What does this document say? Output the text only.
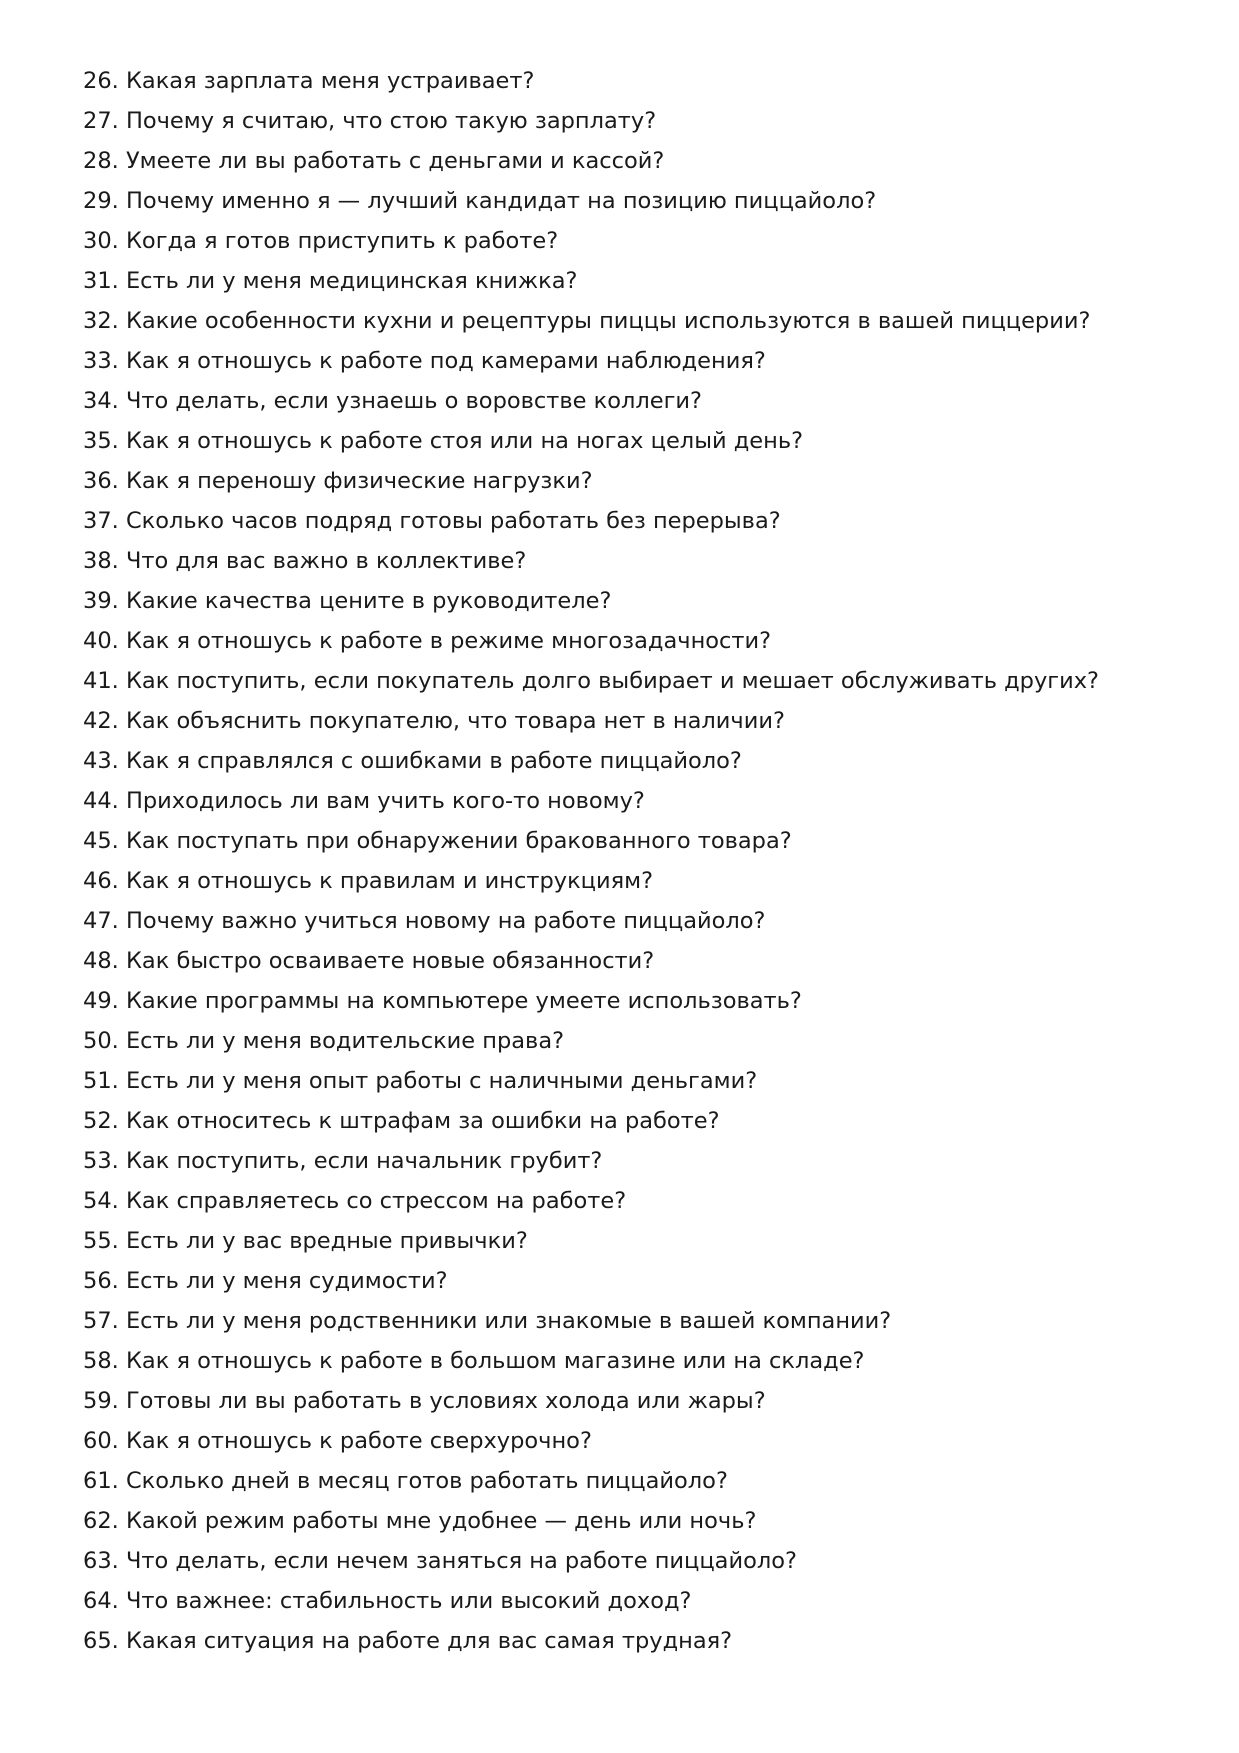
26. Какая зарплата меня устраивает?
27. Почему я считаю, что стою такую зарплату?
28. Умеете ли вы работать с деньгами и кассой?
29. Почему именно я — лучший кандидат на позицию пиццайоло?
30. Когда я готов приступить к работе?
31. Есть ли у меня медицинская книжка?
32. Какие особенности кухни и рецептуры пиццы используются в вашей пиццерии?
33. Как я отношусь к работе под камерами наблюдения?
34. Что делать, если узнаешь о воровстве коллеги?
35. Как я отношусь к работе стоя или на ногах целый день?
36. Как я переношу физические нагрузки?
37. Сколько часов подряд готовы работать без перерыва?
38. Что для вас важно в коллективе?
39. Какие качества цените в руководителе?
40. Как я отношусь к работе в режиме многозадачности?
41. Как поступить, если покупатель долго выбирает и мешает обслуживать других?
42. Как объяснить покупателю, что товара нет в наличии?
43. Как я справлялся с ошибками в работе пиццайоло?
44. Приходилось ли вам учить кого-то новому?
45. Как поступать при обнаружении бракованного товара?
46. Как я отношусь к правилам и инструкциям?
47. Почему важно учиться новому на работе пиццайоло?
48. Как быстро осваиваете новые обязанности?
49. Какие программы на компьютере умеете использовать?
50. Есть ли у меня водительские права?
51. Есть ли у меня опыт работы с наличными деньгами?
52. Как относитесь к штрафам за ошибки на работе?
53. Как поступить, если начальник грубит?
54. Как справляетесь со стрессом на работе?
55. Есть ли у вас вредные привычки?
56. Есть ли у меня судимости?
57. Есть ли у меня родственники или знакомые в вашей компании?
58. Как я отношусь к работе в большом магазине или на складе?
59. Готовы ли вы работать в условиях холода или жары?
60. Как я отношусь к работе сверхурочно?
61. Сколько дней в месяц готов работать пиццайоло?
62. Какой режим работы мне удобнее — день или ночь?
63. Что делать, если нечем заняться на работе пиццайоло?
64. Что важнее: стабильность или высокий доход?
65. Какая ситуация на работе для вас самая трудная?
